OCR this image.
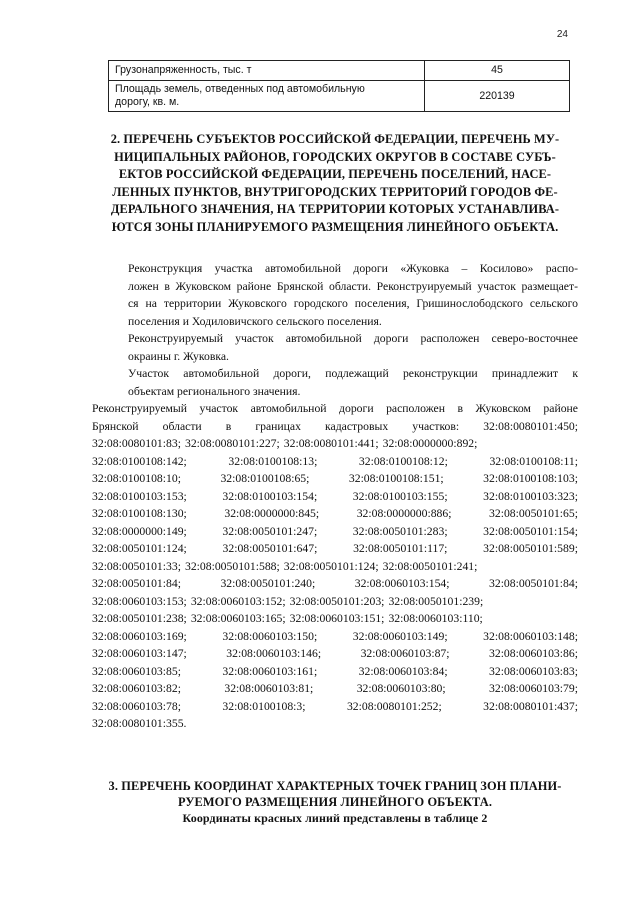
24
Грузонапряженность, тыс. т	45

Площадь земель, отведенных под автомобильную
дорогу, кв. м.	220139
2. ПЕРЕЧЕНЬ СУБЪЕКТОВ РОССИЙСКОЙ ФЕДЕРАЦИИ, ПЕРЕЧЕНЬ МУ-
НИЦИПАЛЬНЫХ РАЙОНОВ, ГОРОДСКИХ ОКРУГОВ В СОСТАВЕ СУБЪ-
ЕКТОВ РОССИЙСКОЙ ФЕДЕРАЦИИ, ПЕРЕЧЕНЬ ПОСЕЛЕНИЙ, НАСЕ-
ЛЕННЫХ ПУНКТОВ, ВНУТРИГОРОДСКИХ ТЕРРИТОРИЙ ГОРОДОВ ФЕ-
ДЕРАЛЬНОГО ЗНАЧЕНИЯ, НА ТЕРРИТОРИИ КОТОРЫХ УСТАНАВЛИВА-
ЮТСЯ ЗОНЫ ПЛАНИРУЕМОГО РАЗМЕЩЕНИЯ ЛИНЕЙНОГО ОБЪЕКТА.
Реконструкция участка автомобильной дороги «Жуковка – Косилово» распо-
ложен в Жуковском районе Брянской области. Реконструируемый участок размещает-
ся на территории Жуковского городского поселения, Гришинослободского сельского
поселения и Ходиловичского сельского поселения.
Реконструируемый участок автомобильной дороги расположен северо-восточнее
окраины г. Жуковка.
Участок автомобильной дороги, подлежащий реконструкции принадлежит к
объектам регионального значения.
Реконструируемый участок автомобильной дороги расположен в Жуковском районе
Брянской области в границах кадастровых участков: 32:08:0080101:450;
32:08:0080101:83; 32:08:0080101:227; 32:08:0080101:441; 32:08:0000000:892;
32:08:0100108:142;	32:08:0100108:13;	32:08:0100108:12;	32:08:0100108:11;
32:08:0100108:10;	32:08:0100108:65;	32:08:0100108:151;	32:08:0100108:103;
32:08:0100103:153;	32:08:0100103:154;	32:08:0100103:155;	32:08:0100103:323;
32:08:0100108:130;	32:08:0000000:845;	32:08:0000000:886;	32:08:0050101:65;
32:08:0000000:149;	32:08:0050101:247;	32:08:0050101:283;	32:08:0050101:154;
32:08:0050101:124;	32:08:0050101:647;	32:08:0050101:117;	32:08:0050101:589;
32:08:0050101:33; 32:08:0050101:588; 32:08:0050101:124; 32:08:0050101:241;
32:08:0050101:84;	32:08:0050101:240;	32:08:0060103:154;	32:08:0050101:84;
32:08:0060103:153; 32:08:0060103:152; 32:08:0050101:203; 32:08:0050101:239;
32:08:0050101:238; 32:08:0060103:165; 32:08:0060103:151; 32:08:0060103:110;
32:08:0060103:169;	32:08:0060103:150;	32:08:0060103:149;	32:08:0060103:148;
32:08:0060103:147;	32:08:0060103:146;	32:08:0060103:87;	32:08:0060103:86;
32:08:0060103:85;	32:08:0060103:161;	32:08:0060103:84;	32:08:0060103:83;
32:08:0060103:82;	32:08:0060103:81;	32:08:0060103:80;	32:08:0060103:79;
32:08:0060103:78;	32:08:0100108:3;	32:08:0080101:252;	32:08:0080101:437;
32:08:0080101:355.
3. ПЕРЕЧЕНЬ КООРДИНАТ ХАРАКТЕРНЫХ ТОЧЕК ГРАНИЦ ЗОН ПЛАНИ-
РУЕМОГО РАЗМЕЩЕНИЯ ЛИНЕЙНОГО ОБЪЕКТА.
Координаты красных линий представлены в таблице 2
